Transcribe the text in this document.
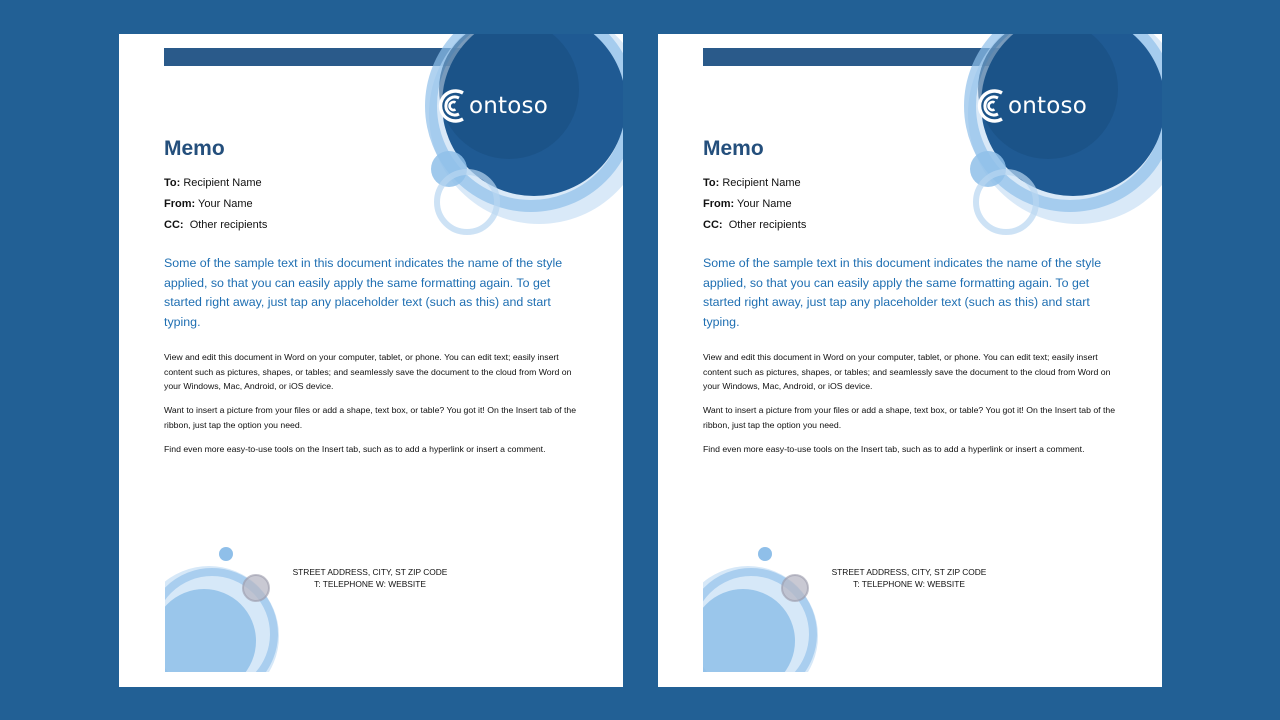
ontoso
Memo
To: Recipient Name
From: Your Name
CC: Other recipients
Some of the sample text in this document indicates the name of the style applied, so that you can easily apply the same formatting again. To get started right away, just tap any placeholder text (such as this) and start typing.
View and edit this document in Word on your computer, tablet, or phone. You can edit text; easily insert content such as pictures, shapes, or tables; and seamlessly save the document to the cloud from Word on your Windows, Mac, Android, or iOS device.
Want to insert a picture from your files or add a shape, text box, or table? You got it! On the Insert tab of the ribbon, just tap the option you need.
Find even more easy-to-use tools on the Insert tab, such as to add a hyperlink or insert a comment.
STREET ADDRESS, CITY, ST ZIP CODE
T: TELEPHONE W: WEBSITE
ontoso
Memo
To: Recipient Name
From: Your Name
CC: Other recipients
Some of the sample text in this document indicates the name of the style applied, so that you can easily apply the same formatting again. To get started right away, just tap any placeholder text (such as this) and start typing.
View and edit this document in Word on your computer, tablet, or phone. You can edit text; easily insert content such as pictures, shapes, or tables; and seamlessly save the document to the cloud from Word on your Windows, Mac, Android, or iOS device.
Want to insert a picture from your files or add a shape, text box, or table? You got it! On the Insert tab of the ribbon, just tap the option you need.
Find even more easy-to-use tools on the Insert tab, such as to add a hyperlink or insert a comment.
STREET ADDRESS, CITY, ST ZIP CODE
T: TELEPHONE W: WEBSITE
